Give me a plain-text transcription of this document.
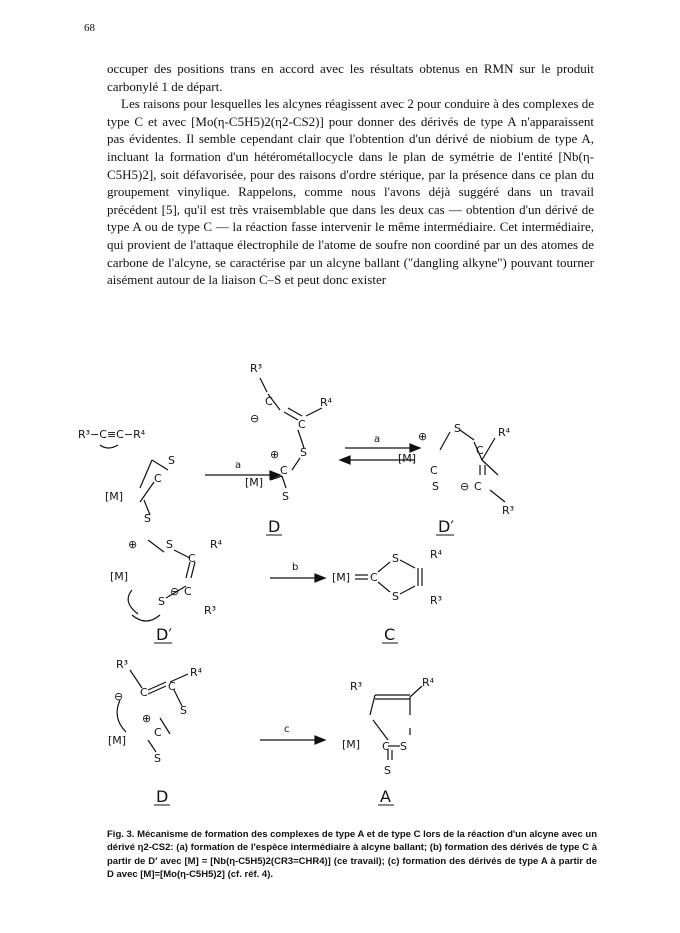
68

occuper des positions trans en accord avec les résultats obtenus en RMN sur le produit carbonylé 1 de départ.

Les raisons pour lesquelles les alcynes réagissent avec 2 pour conduire à des complexes de type C et avec [Mo(η-C5H5)2(η2-CS2)] pour donner des dérivés de type A n'apparaissent pas évidentes. Il semble cependant clair que l'obtention d'un dérivé de niobium de type A, incluant la formation d'un hétérométallocycle dans le plan de symétrie de l'entité [Nb(η-C5H5)2], soit défavorisée, pour des raisons d'ordre stérique, par la présence dans ce plan du groupement vinylique. Rappelons, comme nous l'avons déjà suggéré dans un travail précédent [5], qu'il est très vraisemblable que dans les deux cas — obtention d'un dérivé de type A ou de type C — la réaction fasse intervenir le même intermédiaire. Cet intermédiaire, qui provient de l'attaque électrophile de l'atome de soufre non coordiné par un des atomes de carbone de l'alcyne, se caractérise par un alcyne ballant ("dangling alkyne") pouvant tourner aisément autour de la liaison C–S et peut donc exister

R³−C≡C−R⁴
S
C
[M]
S
a
R³
C
⊖	C
R⁴
S
⊕
C
[M]
S
D
a	⊕
S
C
R⁴
[M]
C
S ⊖ C
R³
D′
⊕	S
C
R⁴
[M]
S
⊖ C
R³
D′
b
[M] C
S
S
R⁴
R³
C
R³
C C
R⁴
⊖
S
⊕
C
[M]
S
D
c
R³	R⁴
[M] C S
S
A

Fig. 3. Mécanisme de formation des complexes de type A et de type C lors de la réaction d'un alcyne avec un dérivé η2-CS2: (a) formation de l'espèce intermédiaire à alcyne ballant; (b) formation des dérivés de type C à partir de D′ avec [M] = [Nb(η-C5H5)2(CR3=CHR4)] (ce travail); (c) formation des dérivés de type A à partir de D avec [M]=[Mo(η-C5H5)2] (cf. réf. 4).
